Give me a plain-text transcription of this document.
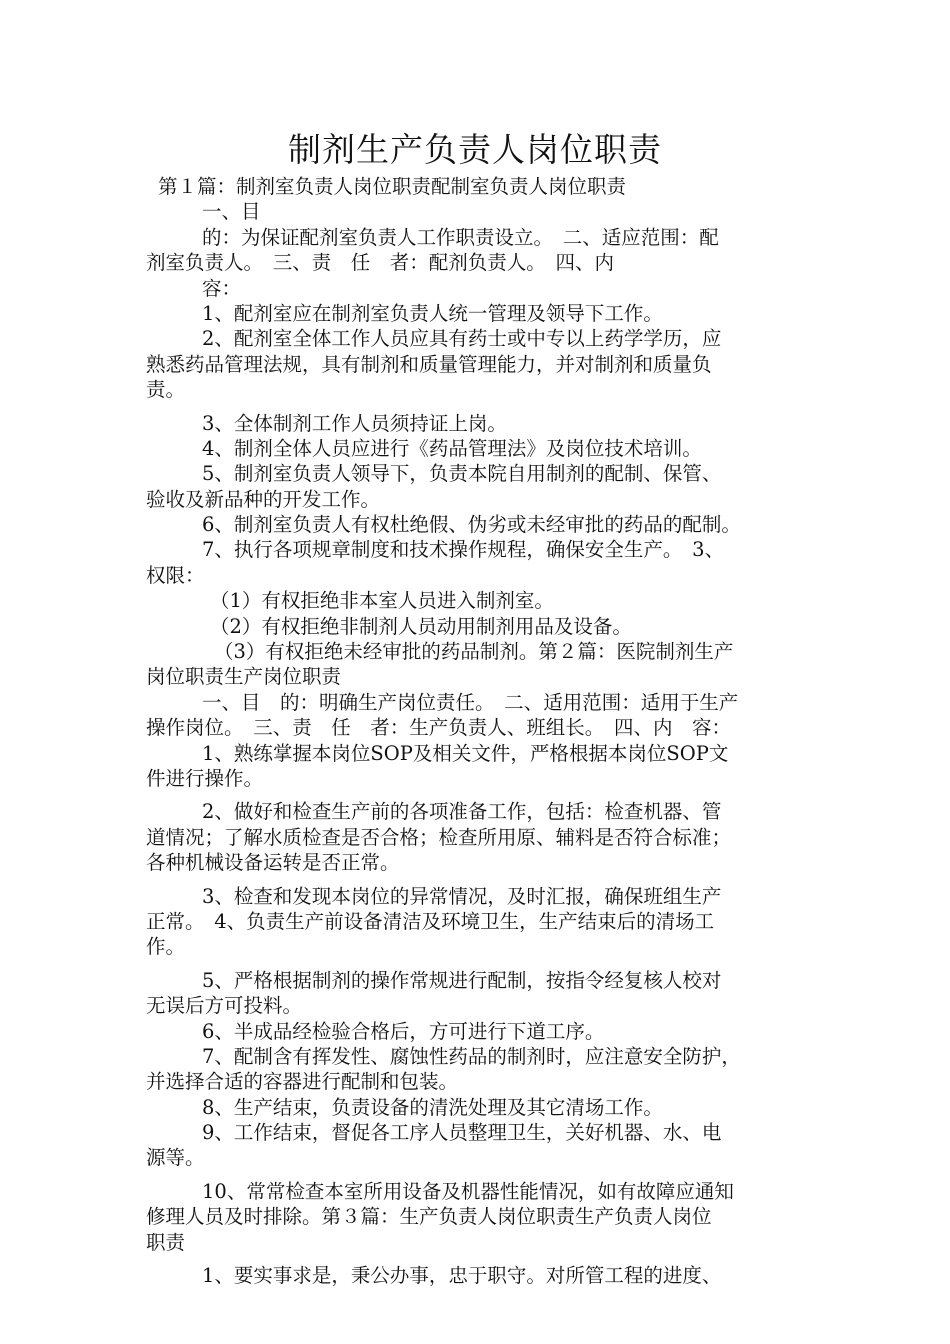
制剂生产负责人岗位职责
第１篇：制剂室负责人岗位职责配制室负责人岗位职责
一、目
的：为保证配剂室负责人工作职责设立。　二、适应范围：配
剂室负责人。　三、责　任　者：配剂负责人。　四、内
容：
1、配剂室应在制剂室负责人统一管理及领导下工作。
2、配剂室全体工作人员应具有药士或中专以上药学学历，应
熟悉药品管理法规，具有制剂和质量管理能力，并对制剂和质量负
责。
3、全体制剂工作人员须持证上岗。
4、制剂全体人员应进行《药品管理法》及岗位技术培训。
5、制剂室负责人领导下，负责本院自用制剂的配制、保管、
验收及新品种的开发工作。
6、制剂室负责人有权杜绝假、伪劣或未经审批的药品的配制。
7、执行各项规章制度和技术操作规程，确保安全生产。　3、
权限：
（1）有权拒绝非本室人员进入制剂室。
（2）有权拒绝非制剂人员动用制剂用品及设备。
（3）有权拒绝未经审批的药品制剂。第２篇：医院制剂生产
岗位职责生产岗位职责
一、目　的：明确生产岗位责任。　二、适用范围：适用于生产
操作岗位。　三、责　任　者：生产负责人、班组长。　四、内　容：
1、熟练掌握本岗位SOP及相关文件，严格根据本岗位SOP文
件进行操作。
2、做好和检查生产前的各项准备工作，包括：检查机器、管
道情况；了解水质检查是否合格；检查所用原、辅料是否符合标准；
各种机械设备运转是否正常。
3、检查和发现本岗位的异常情况，及时汇报，确保班组生产
正常。　4、负责生产前设备清洁及环境卫生，生产结束后的清场工
作。
5、严格根据制剂的操作常规进行配制，按指令经复核人校对
无误后方可投料。
6、半成品经检验合格后，方可进行下道工序。
7、配制含有挥发性、腐蚀性药品的制剂时，应注意安全防护，
并选择合适的容器进行配制和包装。
8、生产结束，负责设备的清洗处理及其它清场工作。
9、工作结束，督促各工序人员整理卫生，关好机器、水、电
源等。
10、常常检查本室所用设备及机器性能情况，如有故障应通知
修理人员及时排除。第３篇：生产负责人岗位职责生产负责人岗位
职责
1、要实事求是，秉公办事，忠于职守。对所管工程的进度、
